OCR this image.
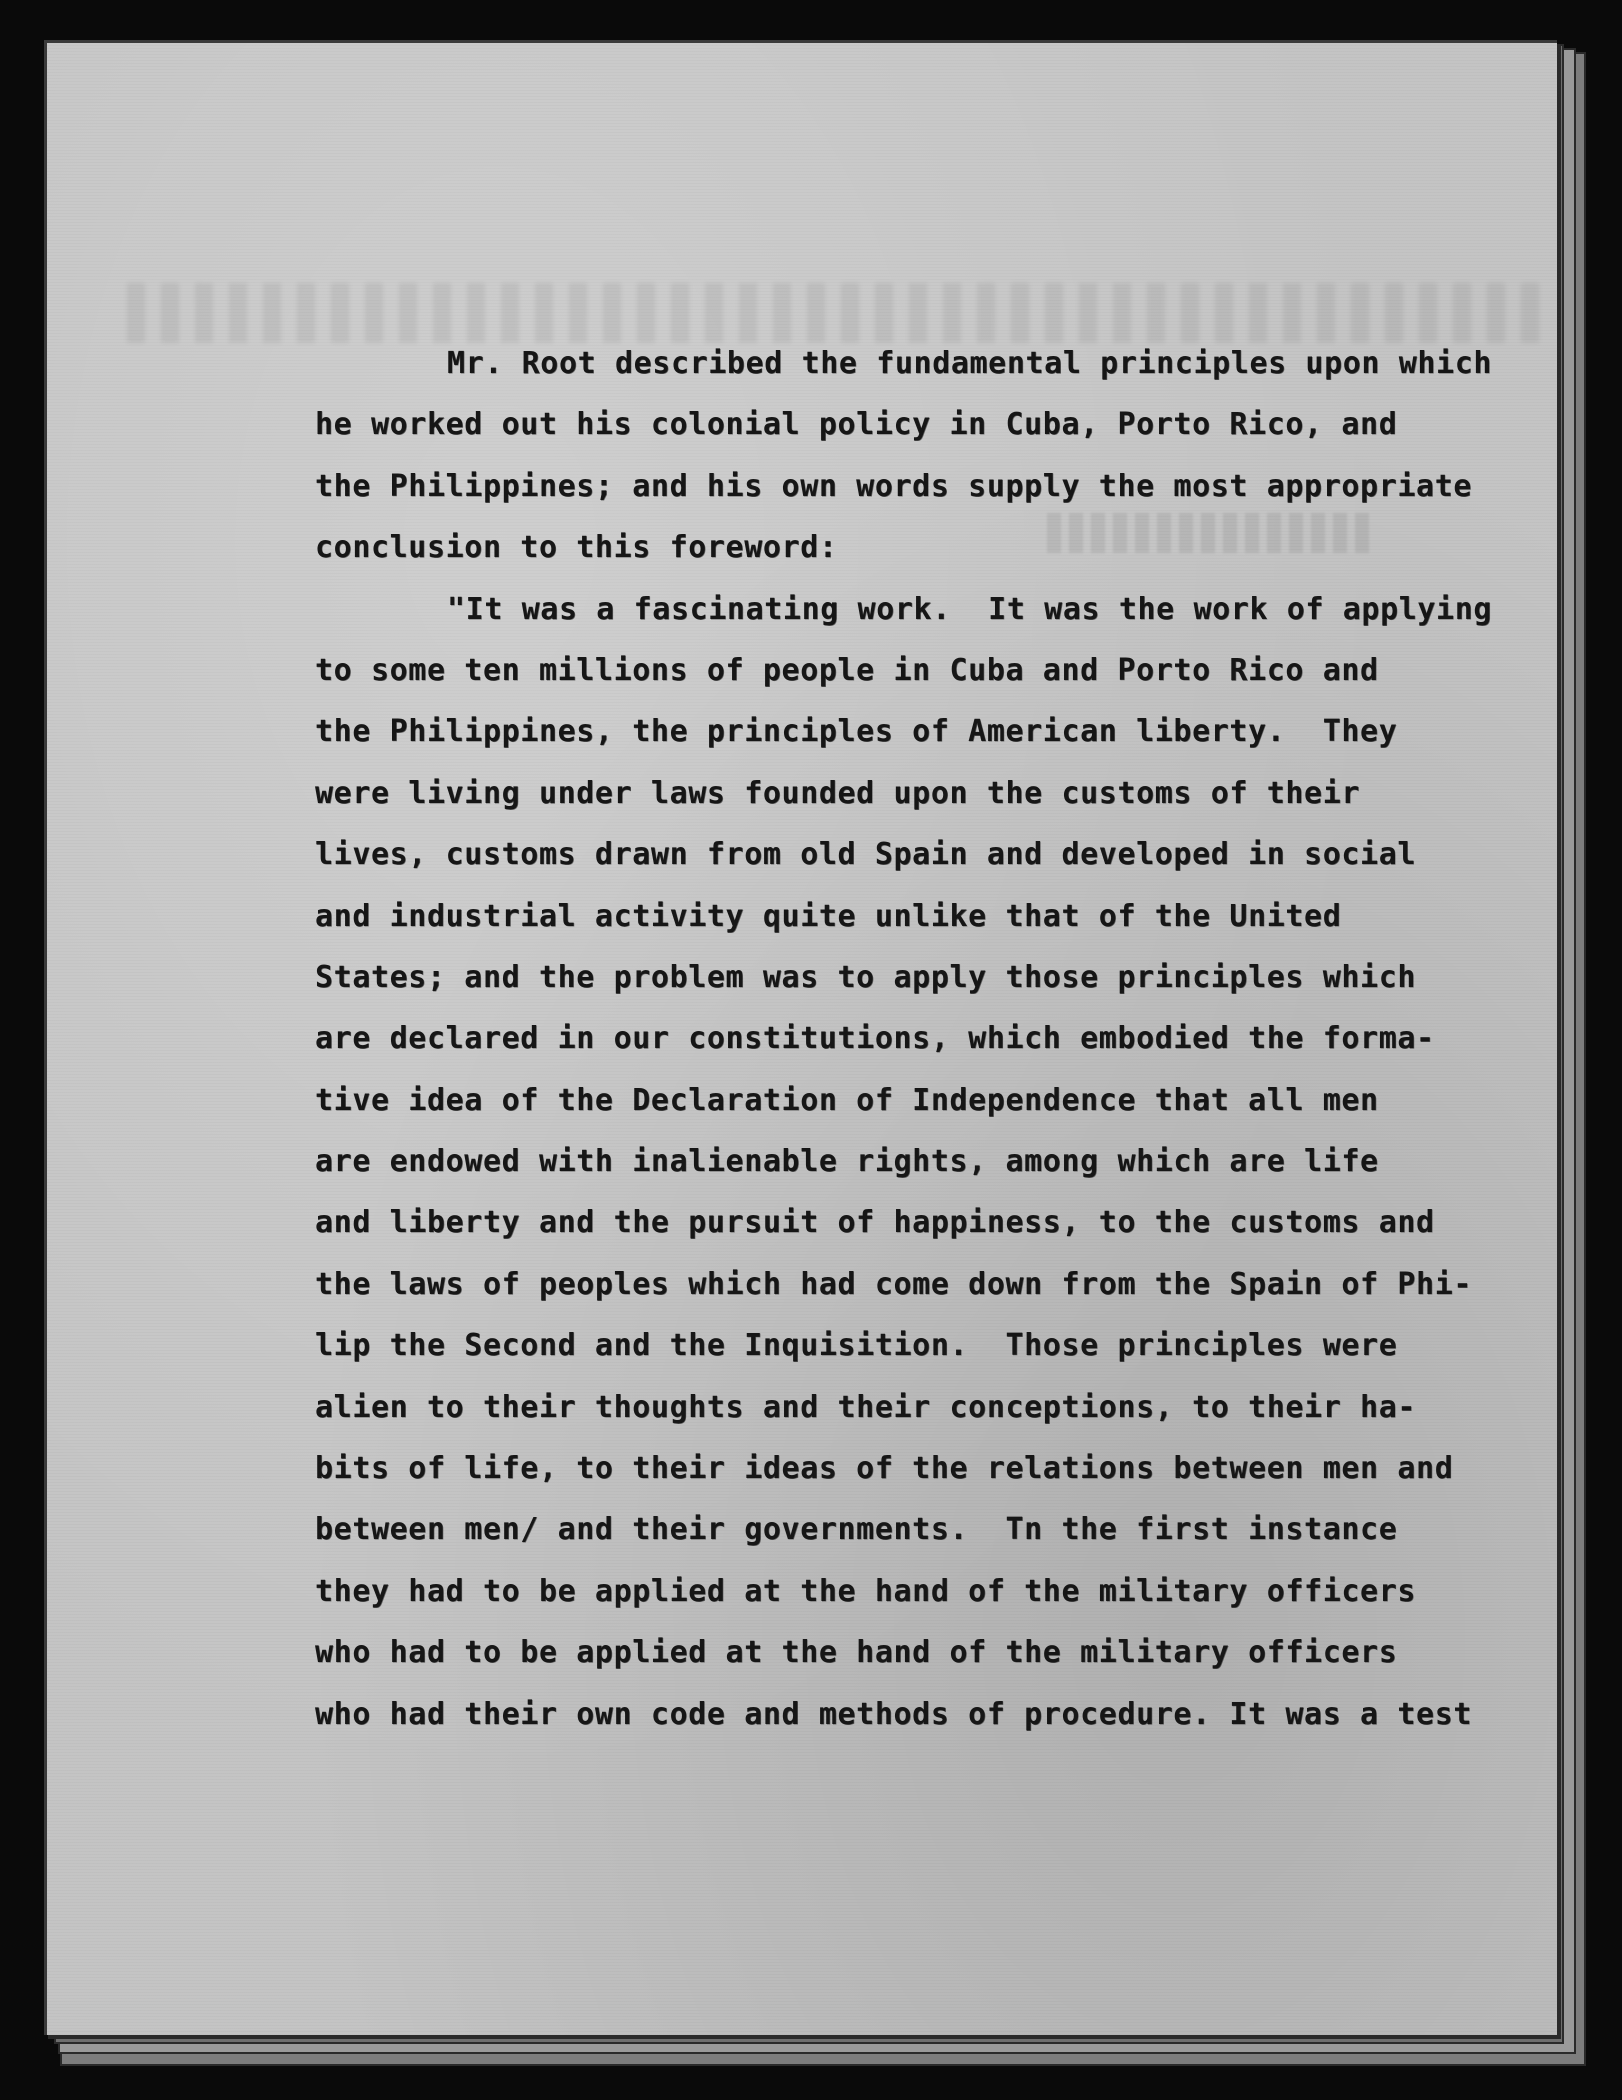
Mr. Root described the fundamental principles upon which
he worked out his colonial policy in Cuba, Porto Rico, and
the Philippines; and his own words supply the most appropriate
conclusion to this foreword:
"It was a fascinating work.  It was the work of applying
to some ten millions of people in Cuba and Porto Rico and
the Philippines, the principles of American liberty.  They
were living under laws founded upon the customs of their
lives, customs drawn from old Spain and developed in social
and industrial activity quite unlike that of the United
States; and the problem was to apply those principles which
are declared in our constitutions, which embodied the forma-
tive idea of the Declaration of Independence that all men
are endowed with inalienable rights, among which are life
and liberty and the pursuit of happiness, to the customs and
the laws of peoples which had come down from the Spain of Phi-
lip the Second and the Inquisition.  Those principles were
alien to their thoughts and their conceptions, to their ha-
bits of life, to their ideas of the relations between men and
between men/ and their governments.  Tn the first instance
they had to be applied at the hand of the military officers
who had to be applied at the hand of the military officers
who had their own code and methods of procedure. It was a test
